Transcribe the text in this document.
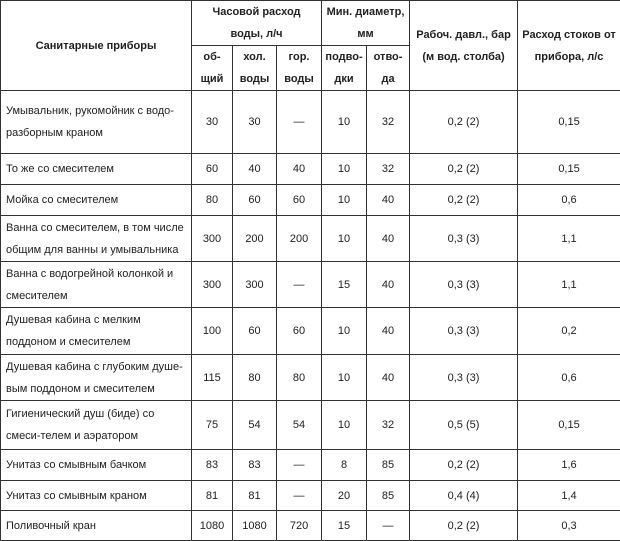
Санитарные приборы	Часовой расход воды, л/ч			Мин. диаметр, мм		Рабоч. давл., бар (м вод. столба)	Расход стоков от прибора, л/с
	об-щий	хол. воды	гор. воды	подво-дки	отво-да		
Умывальник, рукомойник с водо-разборным краном	30	30	—	10	32	0,2 (2)	0,15
То же со смесителем	60	40	40	10	32	0,2 (2)	0,15
Мойка со смесителем	80	60	60	10	40	0,2 (2)	0,6
Ванна со смесителем, в том числе общим для ванны и умывальника	300	200	200	10	40	0,3 (3)	1,1
Ванна с водогрейной колонкой и смесителем	300	300	—	15	40	0,3 (3)	1,1
Душевая кабина с мелким поддоном и смесителем	100	60	60	10	40	0,3 (3)	0,2
Душевая кабина с глубоким душе-вым поддоном и смесителем	115	80	80	10	40	0,3 (3)	0,6
Гигиенический душ (биде) со смеси-телем и аэратором	75	54	54	10	32	0,5 (5)	0,15
Унитаз со смывным бачком	83	83	—	8	85	0,2 (2)	1,6
Унитаз со смывным краном	81	81	—	20	85	0,4 (4)	1,4
Поливочный кран	1080	1080	720	15	—	0,2 (2)	0,3
